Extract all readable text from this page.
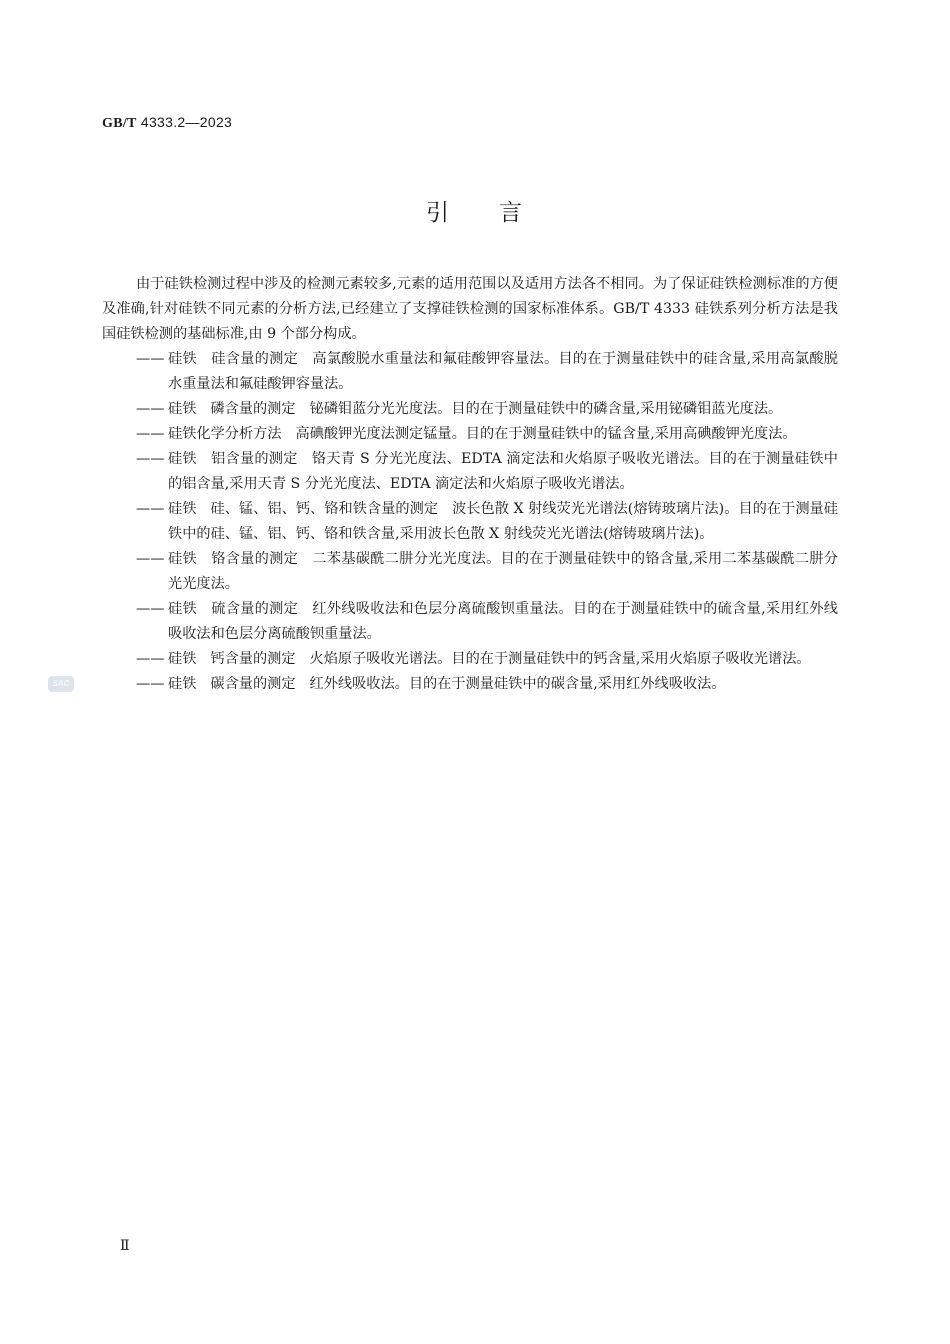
GB/T 4333.2—2023
引 言
SAC

由于硅铁检测过程中涉及的检测元素较多,元素的适用范围以及适用方法各不相同。为了保证硅铁检测标准的方便及准确,针对硅铁不同元素的分析方法,已经建立了支撑硅铁检测的国家标准体系。GB/T 4333 硅铁系列分析方法是我国硅铁检测的基础标准,由 9 个部分构成。

—— 硅铁 硅含量的测定 高氯酸脱水重量法和氟硅酸钾容量法。目的在于测量硅铁中的硅含量,采用高氯酸脱水重量法和氟硅酸钾容量法。
—— 硅铁 磷含量的测定 铋磷钼蓝分光光度法。目的在于测量硅铁中的磷含量,采用铋磷钼蓝光度法。
—— 硅铁化学分析方法 高碘酸钾光度法测定锰量。目的在于测量硅铁中的锰含量,采用高碘酸钾光度法。
—— 硅铁 铝含量的测定 铬天青 S 分光光度法、EDTA 滴定法和火焰原子吸收光谱法。目的在于测量硅铁中的铝含量,采用天青 S 分光光度法、EDTA 滴定法和火焰原子吸收光谱法。
—— 硅铁 硅、锰、铝、钙、铬和铁含量的测定 波长色散 X 射线荧光光谱法(熔铸玻璃片法)。目的在于测量硅铁中的硅、锰、铝、钙、铬和铁含量,采用波长色散 X 射线荧光光谱法(熔铸玻璃片法)。
—— 硅铁 铬含量的测定 二苯基碳酰二肼分光光度法。目的在于测量硅铁中的铬含量,采用二苯基碳酰二肼分光光度法。
—— 硅铁 硫含量的测定 红外线吸收法和色层分离硫酸钡重量法。目的在于测量硅铁中的硫含量,采用红外线吸收法和色层分离硫酸钡重量法。
—— 硅铁 钙含量的测定 火焰原子吸收光谱法。目的在于测量硅铁中的钙含量,采用火焰原子吸收光谱法。
—— 硅铁 碳含量的测定 红外线吸收法。目的在于测量硅铁中的碳含量,采用红外线吸收法。
Ⅱ
